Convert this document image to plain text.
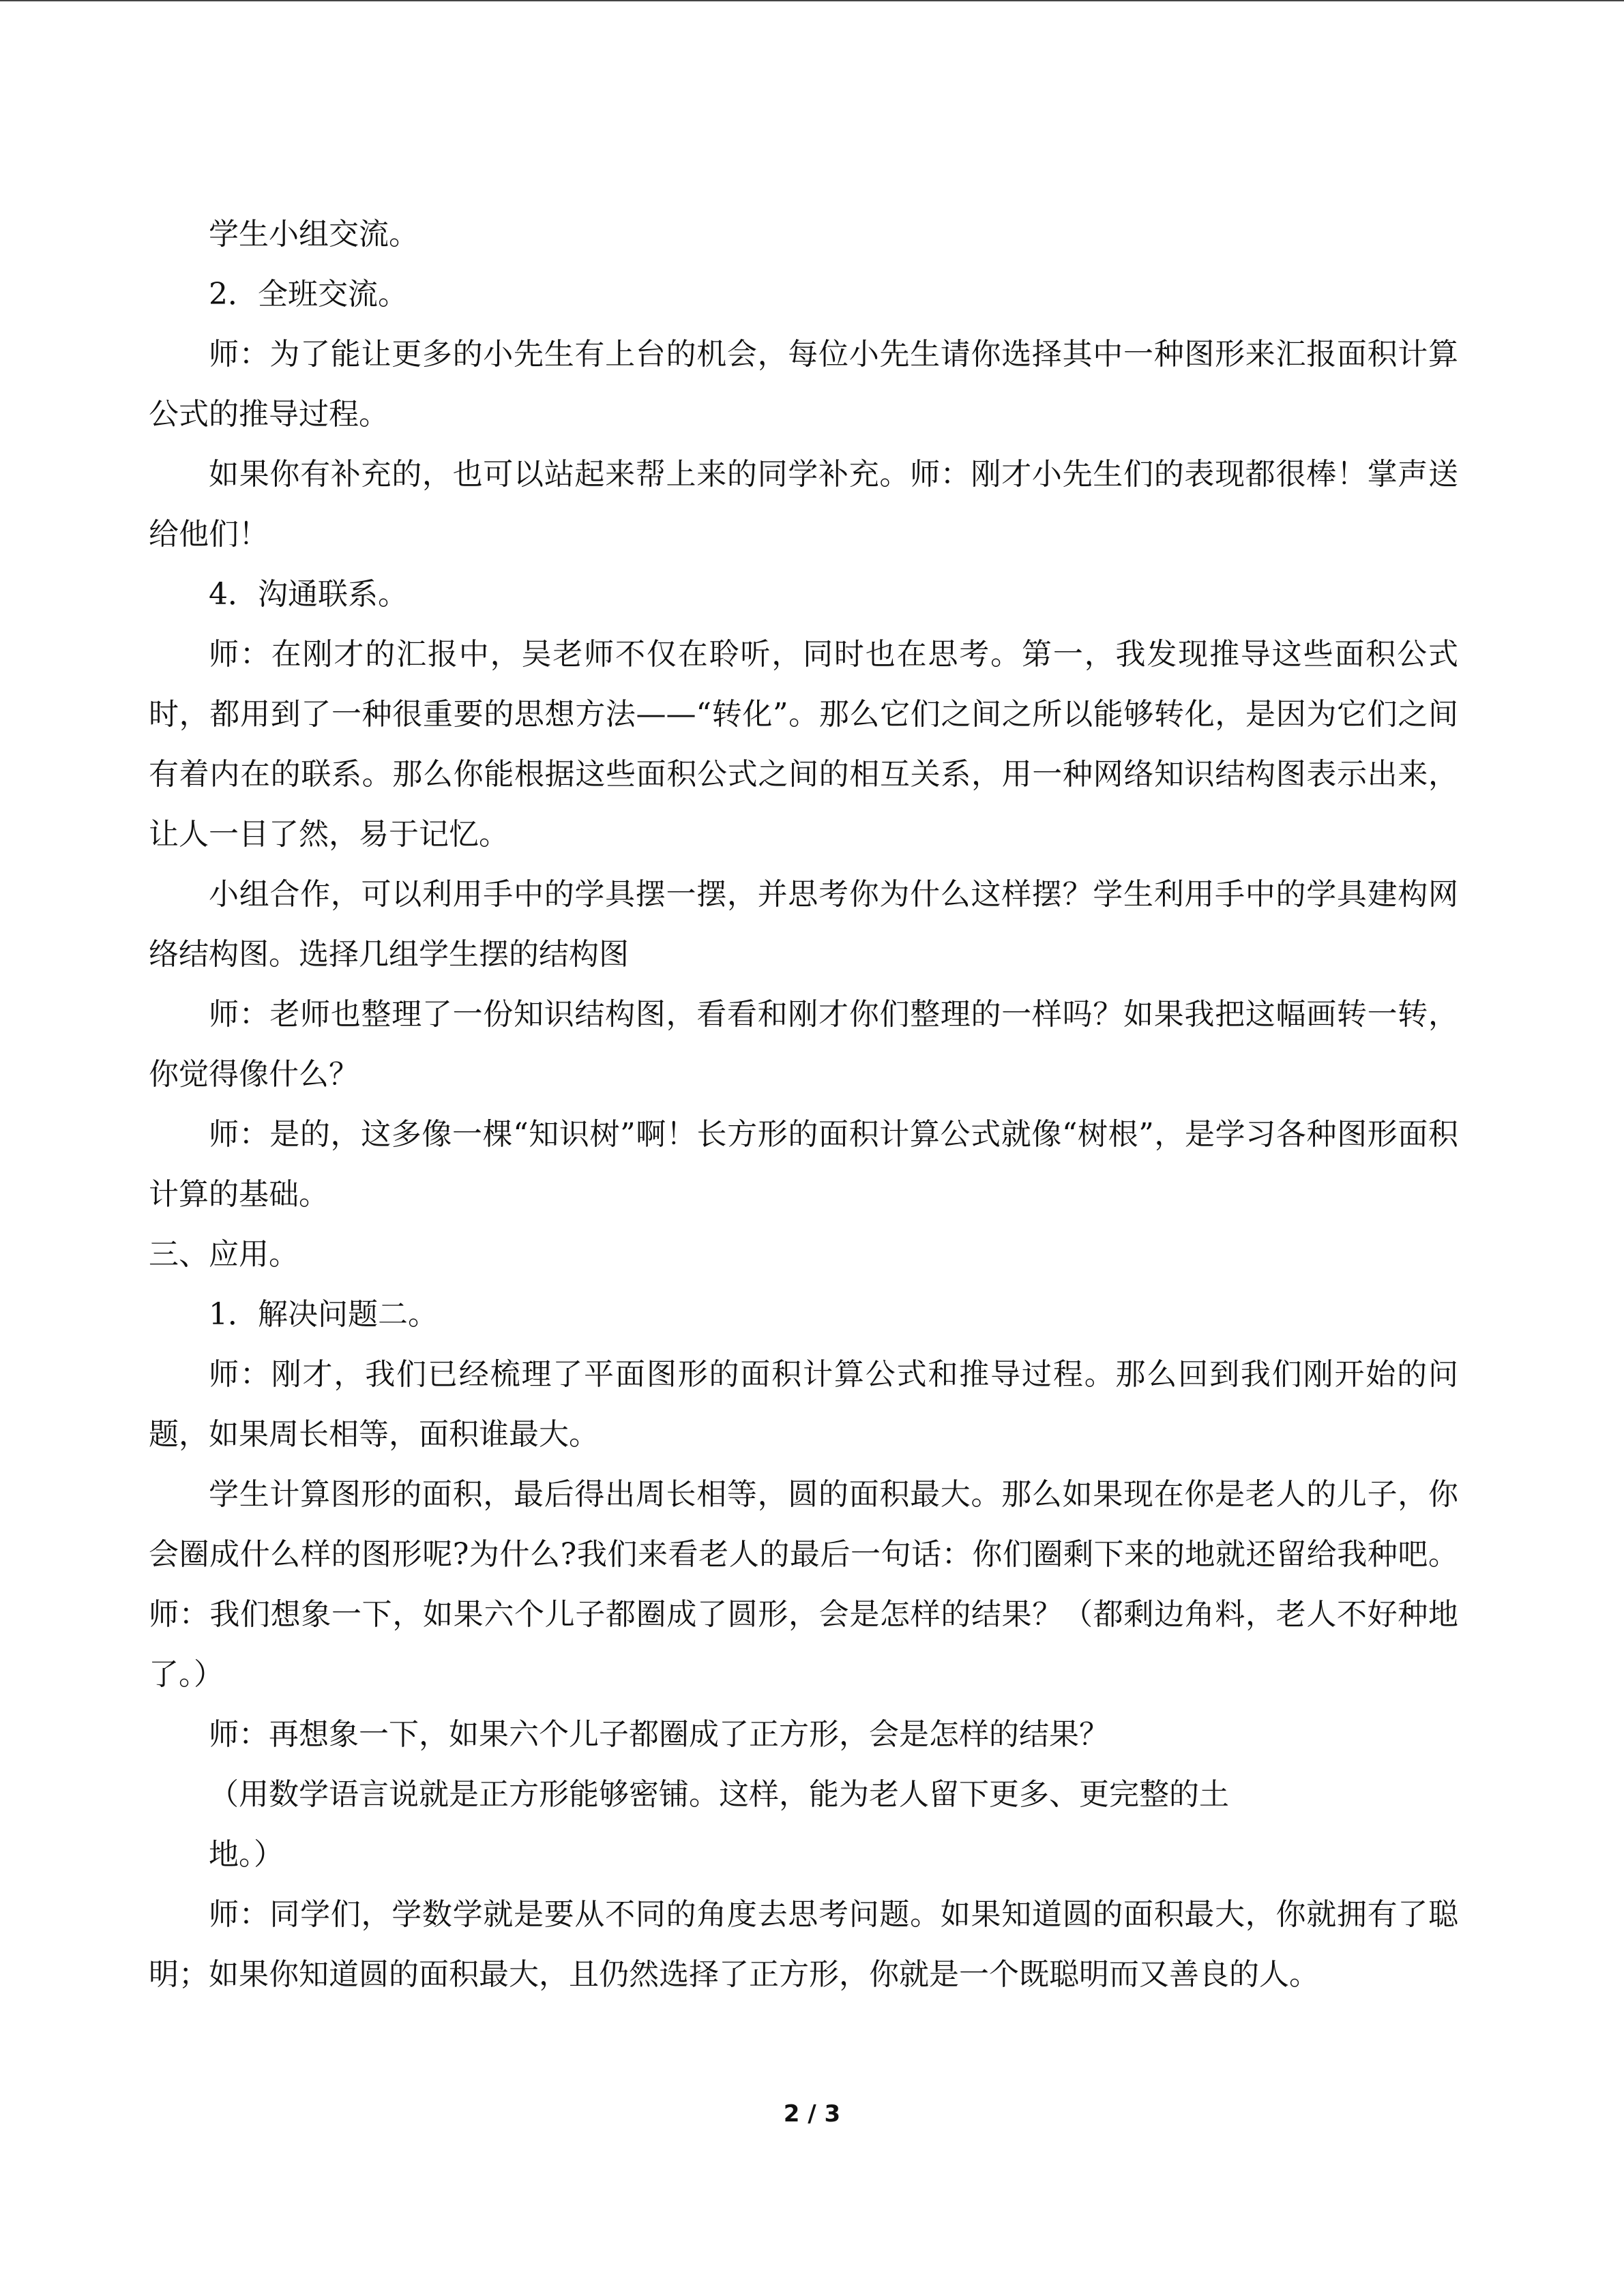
学生小组交流。

2．全班交流。

师：为了能让更多的小先生有上台的机会，每位小先生请你选择其中一种图形来汇报面积计算公式的推导过程。

如果你有补充的，也可以站起来帮上来的同学补充。师：刚才小先生们的表现都很棒！掌声送给他们！

4．沟通联系。

师：在刚才的汇报中，吴老师不仅在聆听，同时也在思考。第一，我发现推导这些面积公式时，都用到了一种很重要的思想方法——“转化”。那么它们之间之所以能够转化，是因为它们之间有着内在的联系。那么你能根据这些面积公式之间的相互关系，用一种网络知识结构图表示出来，让人一目了然，易于记忆。

小组合作，可以利用手中的学具摆一摆，并思考你为什么这样摆？学生利用手中的学具建构网络结构图。选择几组学生摆的结构图

师：老师也整理了一份知识结构图，看看和刚才你们整理的一样吗？如果我把这幅画转一转，你觉得像什么？

师：是的，这多像一棵“知识树”啊！长方形的面积计算公式就像“树根”，是学习各种图形面积计算的基础。

三、应用。

1．解决问题二。

师：刚才，我们已经梳理了平面图形的面积计算公式和推导过程。那么回到我们刚开始的问题，如果周长相等，面积谁最大。

学生计算图形的面积，最后得出周长相等，圆的面积最大。那么如果现在你是老人的儿子，你会圈成什么样的图形呢?为什么?我们来看老人的最后一句话：你们圈剩下来的地就还留给我种吧。师：我们想象一下，如果六个儿子都圈成了圆形，会是怎样的结果？（都剩边角料，老人不好种地了。）

师：再想象一下，如果六个儿子都圈成了正方形，会是怎样的结果？

（用数学语言说就是正方形能够密铺。这样，能为老人留下更多、更完整的土

地。）

师：同学们，学数学就是要从不同的角度去思考问题。如果知道圆的面积最大，你就拥有了聪明；如果你知道圆的面积最大，且仍然选择了正方形，你就是一个既聪明而又善良的人。

2 / 3
